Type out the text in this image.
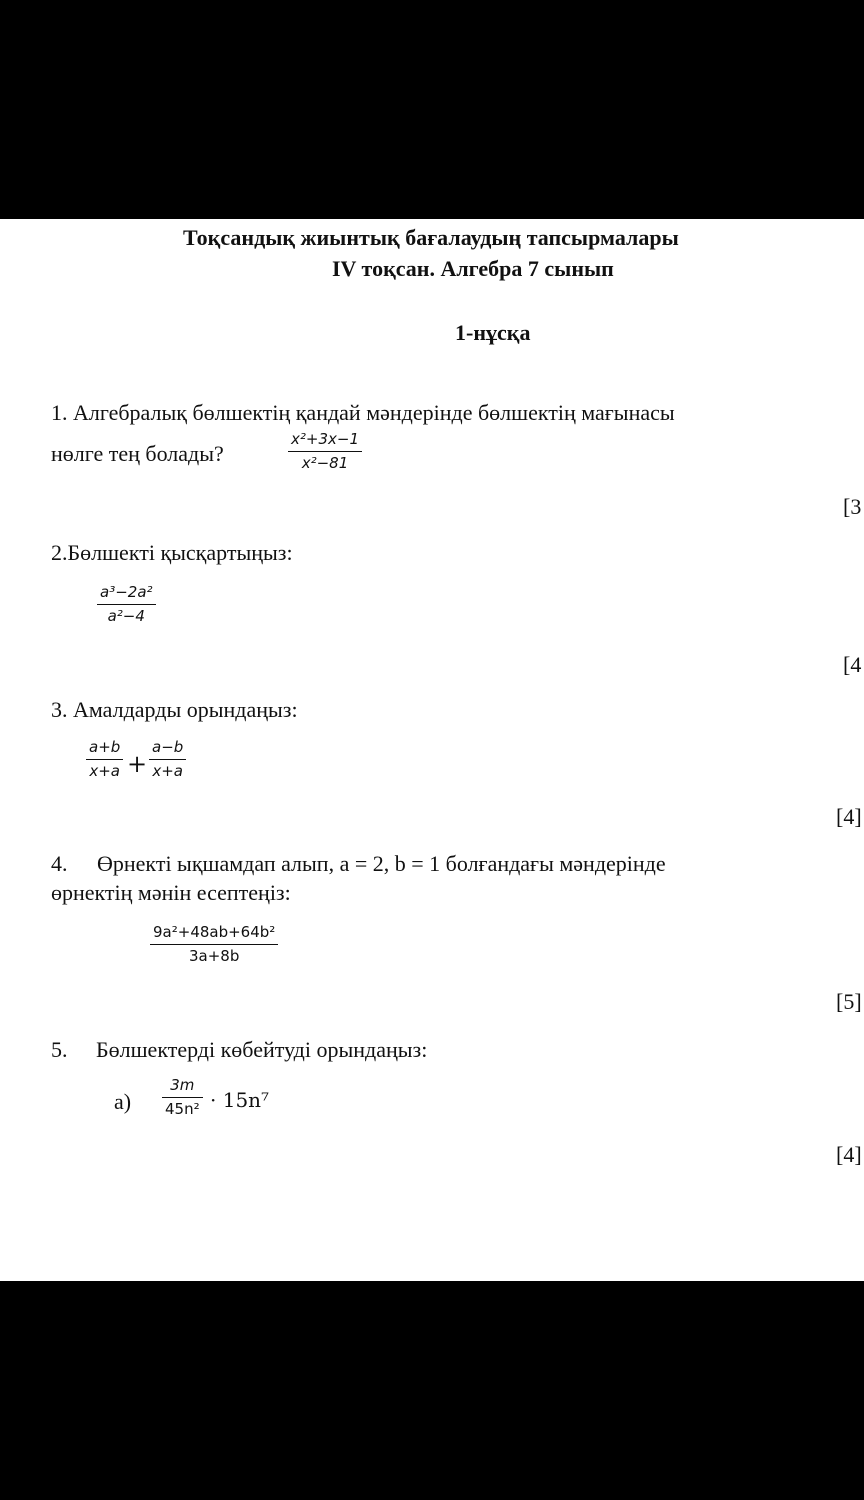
Тоқсандық жиынтық бағалаудың тапсырмалары
IV тоқсан. Алгебра 7 сынып
1-нұсқа
1. Алгебралық бөлшектің қандай мәндерінде бөлшектің мағынасы
нөлге тең болады?
x²+3x−1
x²−81
[3
2.Бөлшекті қысқартыңыз:
a³−2a²
a²−4
[4
3. Амалдарды орындаңыз:
a+b
x+a +
a−b
x+a
[4]
4. Өрнекті ықшамдап алып, a = 2, b = 1 болғандағы мәндерінде
өрнектің мәнін есептеңіз:
9a²+48ab+64b²
3a+8b
[5]
5. Бөлшектерді көбейтуді орындаңыз:
а)
3m
45n² · 15n⁷
[4]
